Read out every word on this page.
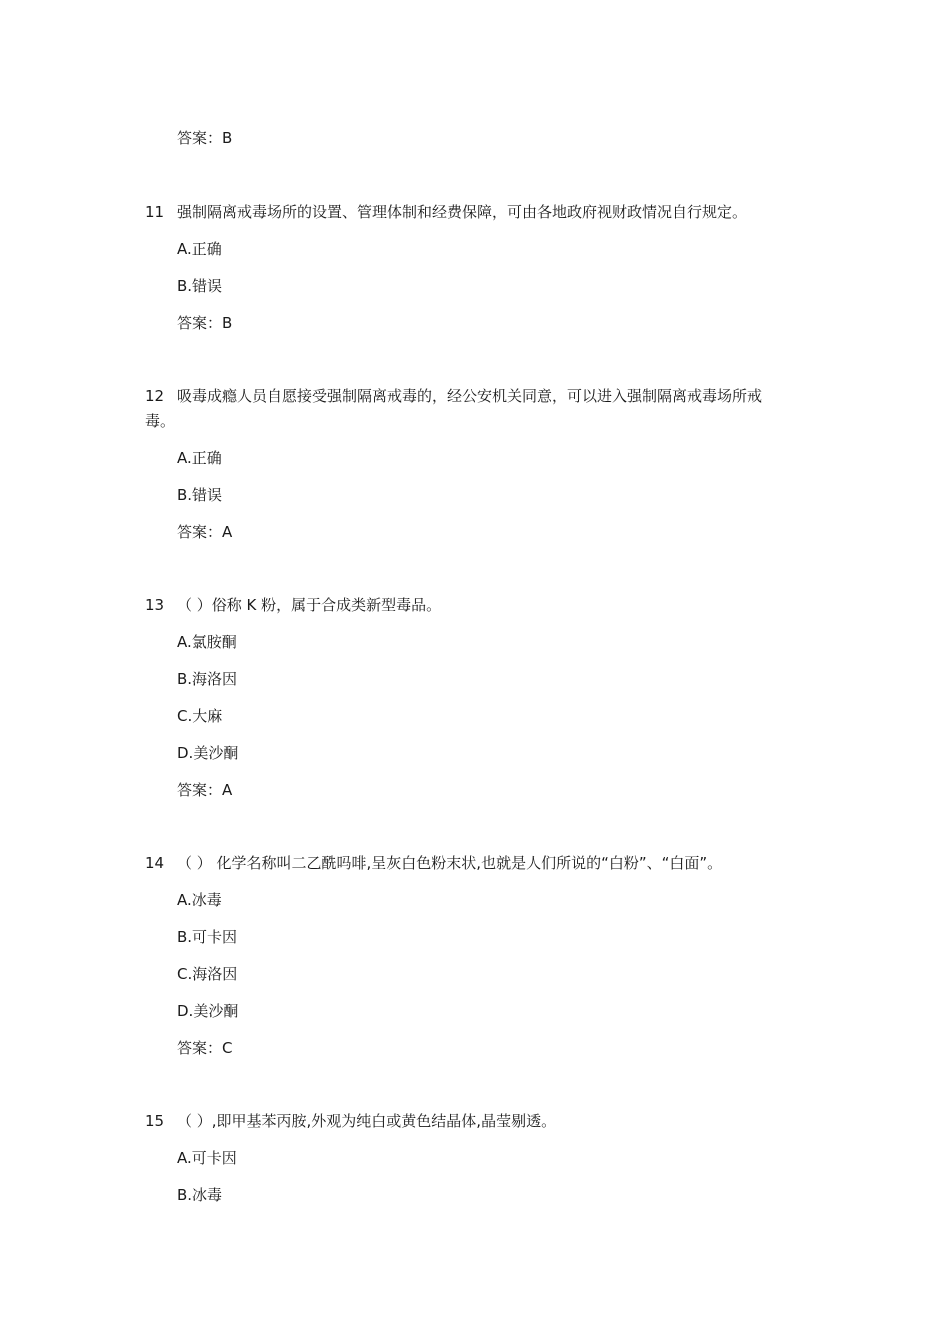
答案：B
11 强制隔离戒毒场所的设置、管理体制和经费保障，可由各地政府视财政情况自行规定。
A.正确
B.错误
答案：B
12 吸毒成瘾人员自愿接受强制隔离戒毒的，经公安机关同意，可以进入强制隔离戒毒场所戒
毒。
A.正确
B.错误
答案：A
13 （ ）俗称 K 粉，属于合成类新型毒品。
A.氯胺酮
B.海洛因
C.大麻
D.美沙酮
答案：A
14 （ ） 化学名称叫二乙酰吗啡,呈灰白色粉末状,也就是人们所说的“白粉”、“白面”。
A.冰毒
B.可卡因
C.海洛因
D.美沙酮
答案：C
15 （ ）,即甲基苯丙胺,外观为纯白或黄色结晶体,晶莹剔透。
A.可卡因
B.冰毒
